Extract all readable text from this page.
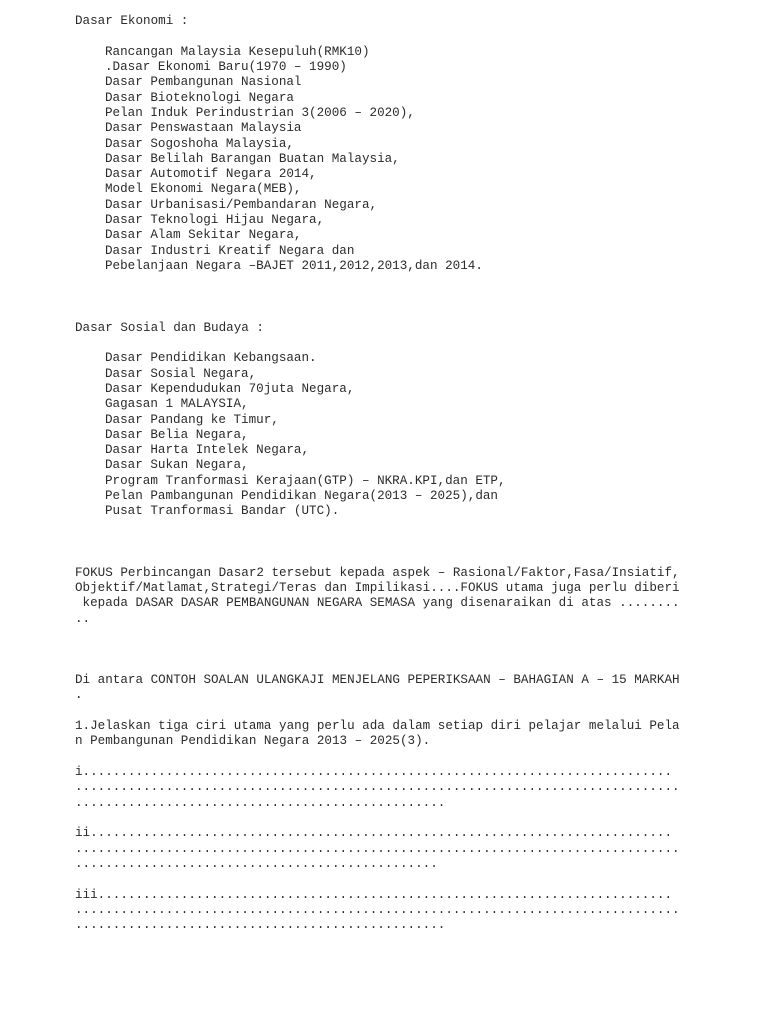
Dasar Ekonomi :

Rancangan Malaysia Kesepuluh(RMK10)

.Dasar Ekonomi Baru(1970 – 1990)

Dasar Pembangunan Nasional

Dasar Bioteknologi Negara

Pelan Induk Perindustrian 3(2006 – 2020),

Dasar Penswastaan Malaysia

Dasar Sogoshoha Malaysia,

Dasar Belilah Barangan Buatan Malaysia,

Dasar Automotif Negara 2014,

Model Ekonomi Negara(MEB),

Dasar Urbanisasi/Pembandaran Negara,

Dasar Teknologi Hijau Negara,

Dasar Alam Sekitar Negara,

Dasar Industri Kreatif Negara dan

Pebelanjaan Negara –BAJET 2011,2012,2013,dan 2014.

Dasar Sosial dan Budaya :

Dasar Pendidikan Kebangsaan.

Dasar Sosial Negara,

Dasar Kependudukan 70juta Negara,

Gagasan 1 MALAYSIA,

Dasar Pandang ke Timur,

Dasar Belia Negara,

Dasar Harta Intelek Negara,

Dasar Sukan Negara,

Program Tranformasi Kerajaan(GTP) – NKRA.KPI,dan ETP,

Pelan Pambangunan Pendidikan Negara(2013 – 2025),dan

Pusat Tranformasi Bandar (UTC).

FOKUS Perbincangan Dasar2 tersebut kepada aspek – Rasional/Faktor,Fasa/Insiatif,

Objektif/Matlamat,Strategi/Teras dan Impilikasi....FOKUS utama juga perlu diberi

kepada DASAR DASAR PEMBANGUNAN NEGARA SEMASA yang disenaraikan di atas ........

..

Di antara CONTOH SOALAN ULANGKAJI MENJELANG PEPERIKSAAN – BAHAGIAN A – 15 MARKAH

.

1.Jelaskan tiga ciri utama yang perlu ada dalam setiap diri pelajar melalui Pela

n Pembangunan Pendidikan Negara 2013 – 2025(3).

i..............................................................................

................................................................................

.................................................

ii.............................................................................

................................................................................

................................................

iii............................................................................

................................................................................

.................................................
